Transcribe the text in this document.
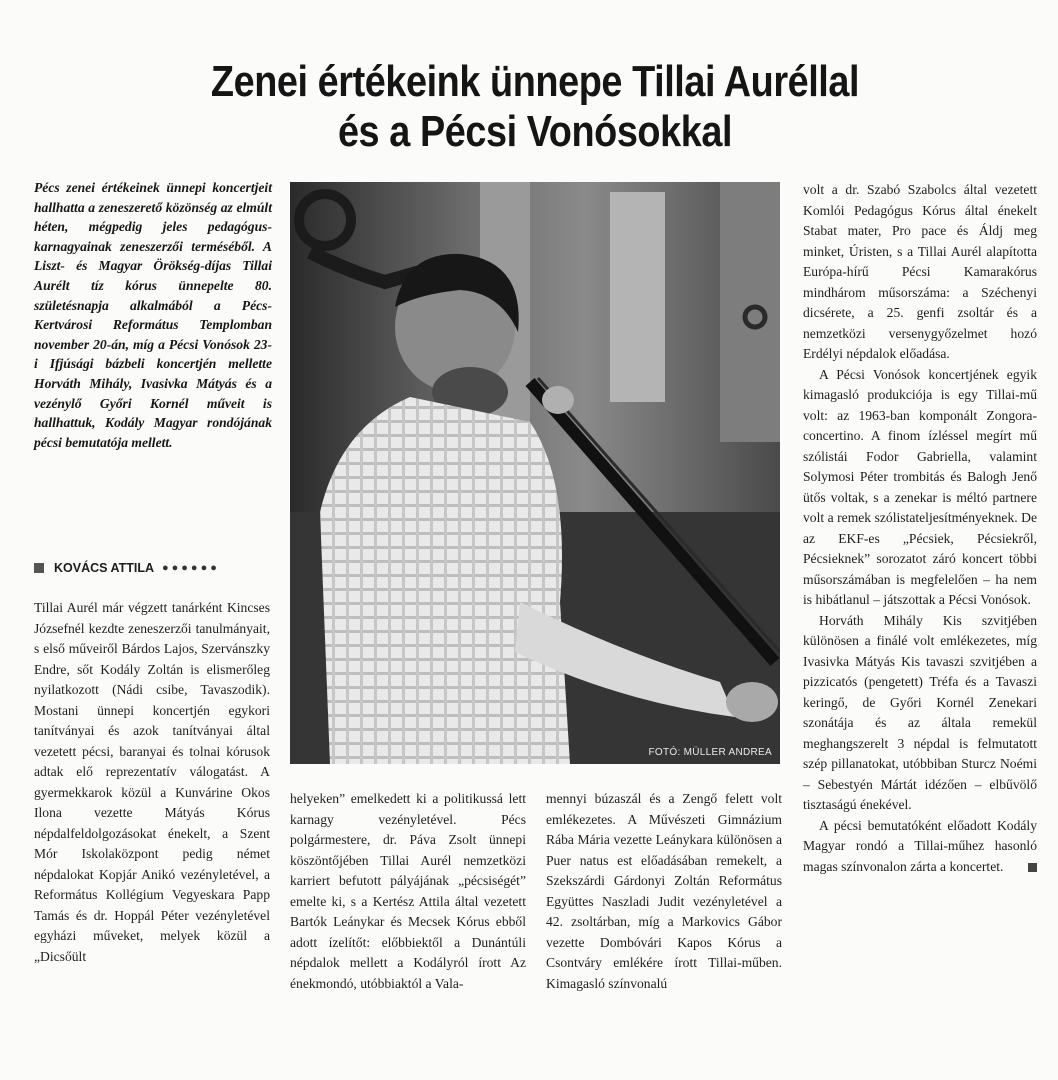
Zenei értékeink ünnepe Tillai Auréllal
és a Pécsi Vonósokkal
Pécs zenei értékeinek ünnepi koncertjeit hallhatta a zeneszerető közönség az elmúlt héten, mégpedig jeles pedagógus-karnagyainak zeneszerzői terméséből. A Liszt- és Magyar Örökség-díjas Tillai Aurélt tíz kórus ünnepelte 80. születésnapja alkalmából a Pécs-Kertvárosi Református Templomban november 20-án, míg a Pécsi Vonósok 23-i Ifjúsági bázbeli koncertjén mellette Horváth Mihály, Ivasivka Mátyás és a vezénylő Győri Kornél műveit is hallhattuk, Kodály Magyar rondójának pécsi bemutatója mellett.
KOVÁCS ATTILA ●●●●●●
FOTÓ: MÜLLER ANDREA

Tillai Aurél már végzett tanárként Kincses Józsefnél kezdte zeneszerzői tanulmányait, s első műveiről Bárdos Lajos, Szervánszky Endre, sőt Kodály Zoltán is elismerőleg nyilatkozott (Nádi csibe, Tavaszodik). Mostani ünnepi koncertjén egykori tanítványai és azok tanítványai által vezetett pécsi, baranyai és tolnai kórusok adtak elő reprezentatív válogatást. A gyermekkarok közül a Kunvárine Okos Ilona vezette Mátyás Kórus népdalfeldolgozásokat énekelt, a Szent Mór Iskolaközpont pedig német népdalokat Kopjár Anikó vezényletével, a Református Kollégium Vegyeskara Papp Tamás és dr. Hoppál Péter vezényletével egyházi műveket, melyek közül a „Dicsőült

helyeken” emelkedett ki a politikussá lett karnagy vezényletével. Pécs polgármestere, dr. Páva Zsolt ünnepi köszöntőjében Tillai Aurél nemzetközi karriert befutott pályájának „pécsiségét” emelte ki, s a Kertész Attila által vezetett Bartók Leánykar és Mecsek Kórus ebből adott ízelítőt: előbbiektől a Dunántúli népdalok mellett a Kodályról írott Az énekmondó, utóbbiaktól a Vala-

mennyi búzaszál és a Zengő felett volt emlékezetes. A Művészeti Gimnázium Rába Mária vezette Leánykara különösen a Puer natus est előadásában remekelt, a Szekszárdi Gárdonyi Zoltán Református Együttes Naszladi Judit vezényletével a 42. zsoltárban, míg a Markovics Gábor vezette Dombóvári Kapos Kórus a Csontváry emlékére írott Tillai-műben. Kimagasló színvonalú

volt a dr. Szabó Szabolcs által vezetett Komlói Pedagógus Kórus által énekelt Stabat mater, Pro pace és Áldj meg minket, Úristen, s a Tillai Aurél alapította Európa-hírű Pécsi Kamarakórus mindhárom műsorszáma: a Széchenyi dicsérete, a 25. genfi zsoltár és a nemzetközi versenygyőzelmet hozó Erdélyi népdalok előadása.

A Pécsi Vonósok koncertjének egyik kimagasló produkciója is egy Tillai-mű volt: az 1963-ban komponált Zongora-concertino. A finom ízléssel megírt mű szólistái Fodor Gabriella, valamint Solymosi Péter trombitás és Balogh Jenő ütős voltak, s a zenekar is méltó partnere volt a remek szólistateljesítményeknek. De az EKF-es „Pécsiek, Pécsiekről, Pécsieknek” sorozatot záró koncert többi műsorszámában is megfelelően – ha nem is hibátlanul – játszottak a Pécsi Vonósok.

Horváth Mihály Kis szvitjében különösen a finálé volt emlékezetes, míg Ivasivka Mátyás Kis tavaszi szvitjében a pizzicatós (pengetett) Tréfa és a Tavaszi keringő, de Győri Kornél Zenekari szonátája és az általa remekül meghangszerelt 3 népdal is felmutatott szép pillanatokat, utóbbiban Sturcz Noémi – Sebestyén Mártát idézően – elbűvölő tisztaságú énekével.

A pécsi bemutatóként előadott Kodály Magyar rondó a Tillai-műhez hasonló magas színvonalon zárta a koncertet.
